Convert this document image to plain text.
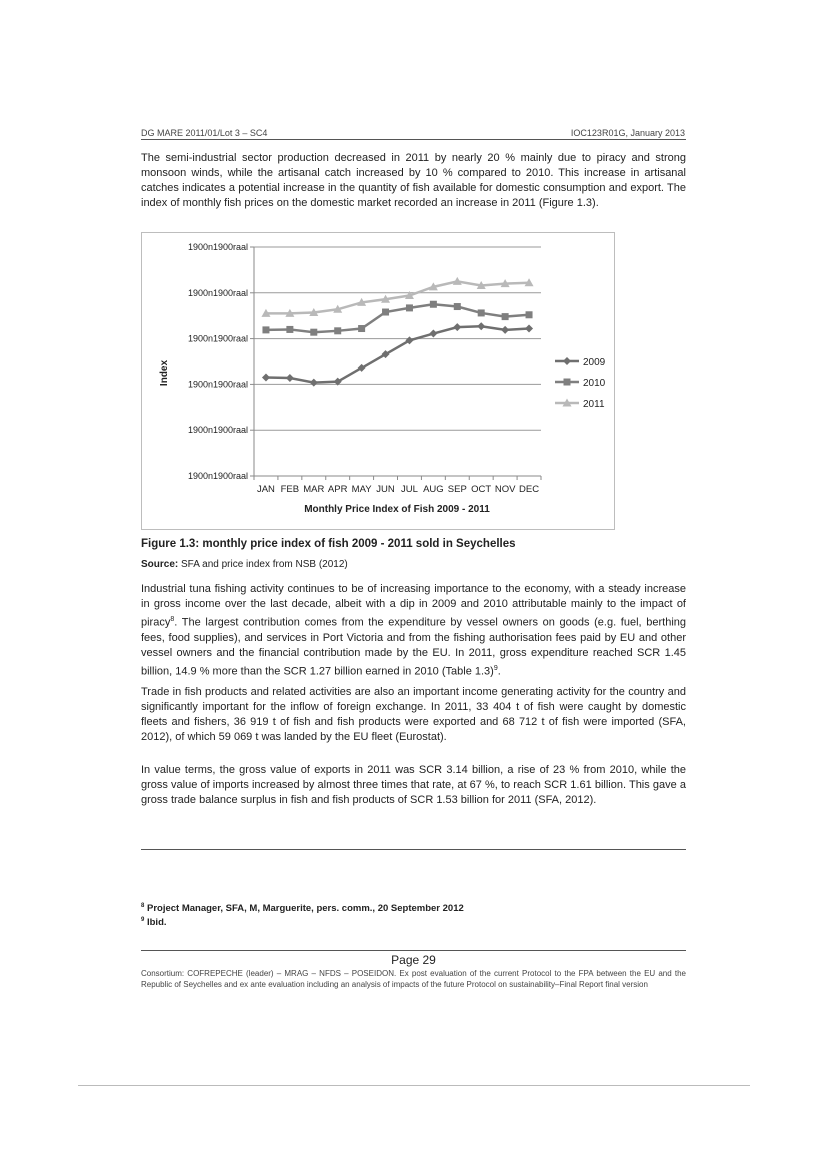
DG MARE 2011/01/Lot 3 – SC4	IOC123R01G, January 2013

The semi-industrial sector production decreased in 2011 by nearly 20 % mainly due to piracy and strong monsoon winds, while the artisanal catch increased by 10 % compared to 2010. This increase in artisanal catches indicates a potential increase in the quantity of fish available for domestic consumption and export. The index of monthly fish prices on the domestic market recorded an increase in 2011 (Figure 1.3).

1900n1900raal
1900n1900raal
1900n1900raal
1900n1900raal
1900n1900raal
1900n1900raal
JAN FEB MAR APR MAY JUN JUL AUG SEP OCT NOV DEC
2009
2010
2011
Index
Monthly Price Index of Fish 2009 - 2011
Figure 1.3: monthly price index of fish 2009 - 2011 sold in Seychelles
Source: SFA and price index from NSB (2012)

Industrial tuna fishing activity continues to be of increasing importance to the economy, with a steady increase in gross income over the last decade, albeit with a dip in 2009 and 2010 attributable mainly to the impact of piracy$^8$. The largest contribution comes from the expenditure by vessel owners on goods (e.g. fuel, berthing fees, food supplies), and services in Port Victoria and from the fishing authorisation fees paid by EU and other vessel owners and the financial contribution made by the EU. In 2011, gross expenditure reached SCR 1.45 billion, 14.9 % more than the SCR 1.27 billion earned in 2010 (Table 1.3)$^9$.

Trade in fish products and related activities are also an important income generating activity for the country and significantly important for the inflow of foreign exchange. In 2011, 33 404 t of fish were caught by domestic fleets and fishers, 36 919 t of fish and fish products were exported and 68 712 t of fish were imported (SFA, 2012), of which 59 069 t was landed by the EU fleet (Eurostat).

In value terms, the gross value of exports in 2011 was SCR 3.14 billion, a rise of 23 % from 2010, while the gross value of imports increased by almost three times that rate, at 67 %, to reach SCR 1.61 billion. This gave a gross trade balance surplus in fish and fish products of SCR 1.53 billion for 2011 (SFA, 2012).

$^8$ Project Manager, SFA, M, Marguerite, pers. comm., 20 September 2012
$^9$ Ibid.
Page 29
Consortium: COFREPECHE (leader) – MRAG – NFDS – POSEIDON. Ex post evaluation of the current Protocol to the FPA between the EU and the Republic of Seychelles and ex ante evaluation including an analysis of impacts of the future Protocol on sustainability–Final Report final version
